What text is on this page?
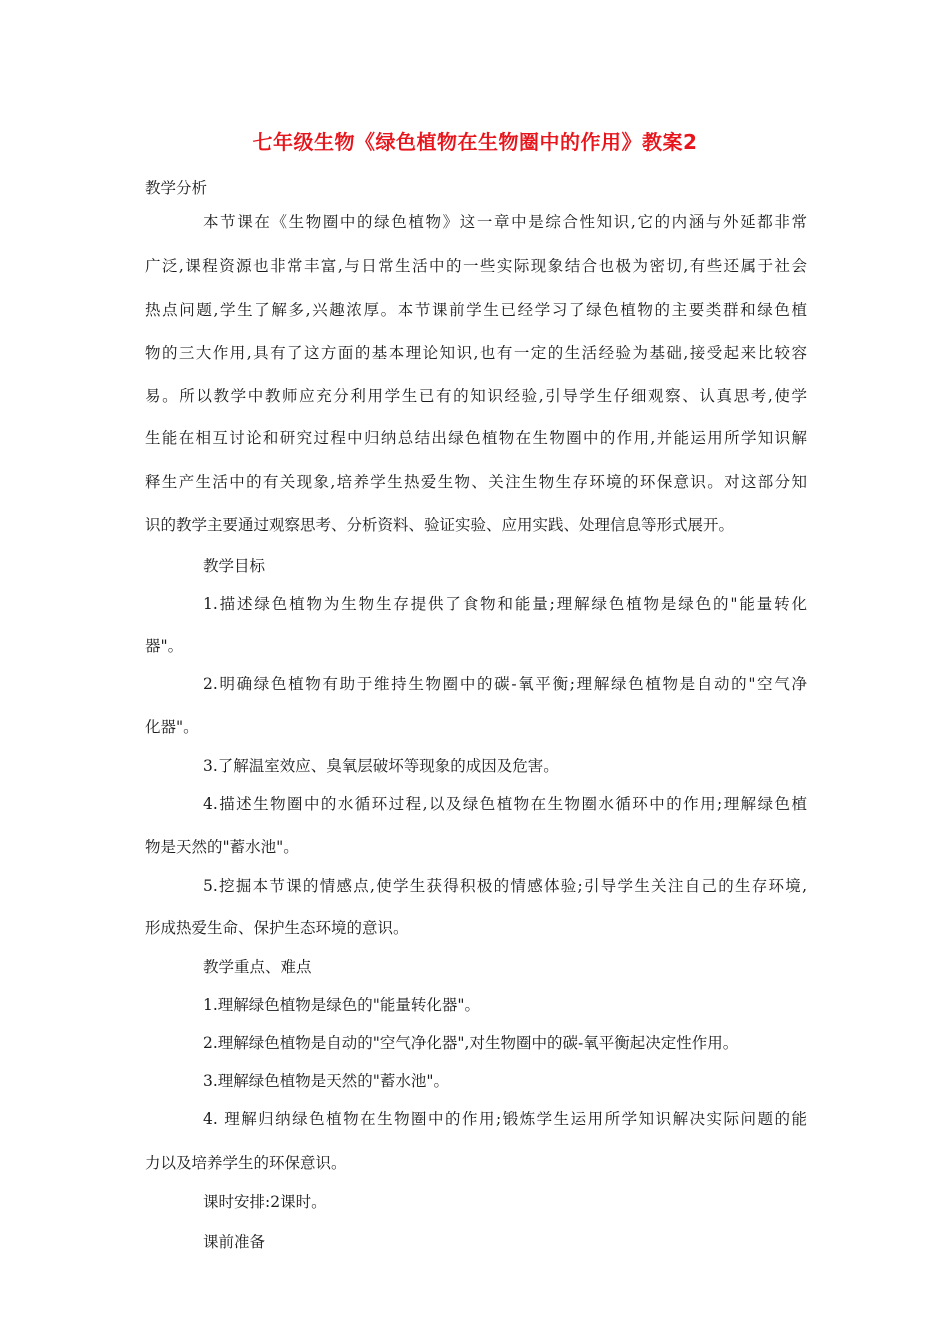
七年级生物《绿色植物在生物圈中的作用》教案2
教学分析
本节课在《生物圈中的绿色植物》这一章中是综合性知识,它的内涵与外延都非常
广泛,课程资源也非常丰富,与日常生活中的一些实际现象结合也极为密切,有些还属于社会
热点问题,学生了解多,兴趣浓厚。本节课前学生已经学习了绿色植物的主要类群和绿色植
物的三大作用,具有了这方面的基本理论知识,也有一定的生活经验为基础,接受起来比较容
易。所以教学中教师应充分利用学生已有的知识经验,引导学生仔细观察、认真思考,使学
生能在相互讨论和研究过程中归纳总结出绿色植物在生物圈中的作用,并能运用所学知识解
释生产生活中的有关现象,培养学生热爱生物、关注生物生存环境的环保意识。对这部分知
识的教学主要通过观察思考、分析资料、验证实验、应用实践、处理信息等形式展开。
教学目标
1.描述绿色植物为生物生存提供了食物和能量;理解绿色植物是绿色的"能量转化
器"。
2.明确绿色植物有助于维持生物圈中的碳-氧平衡;理解绿色植物是自动的"空气净
化器"。
3.了解温室效应、臭氧层破坏等现象的成因及危害。
4.描述生物圈中的水循环过程,以及绿色植物在生物圈水循环中的作用;理解绿色植
物是天然的"蓄水池"。
5.挖掘本节课的情感点,使学生获得积极的情感体验;引导学生关注自己的生存环境,
形成热爱生命、保护生态环境的意识。
教学重点、难点
1.理解绿色植物是绿色的"能量转化器"。
2.理解绿色植物是自动的"空气净化器",对生物圈中的碳-氧平衡起决定性作用。
3.理解绿色植物是天然的"蓄水池"。
4. 理解归纳绿色植物在生物圈中的作用;锻炼学生运用所学知识解决实际问题的能
力以及培养学生的环保意识。
课时安排:2课时。
课前准备
